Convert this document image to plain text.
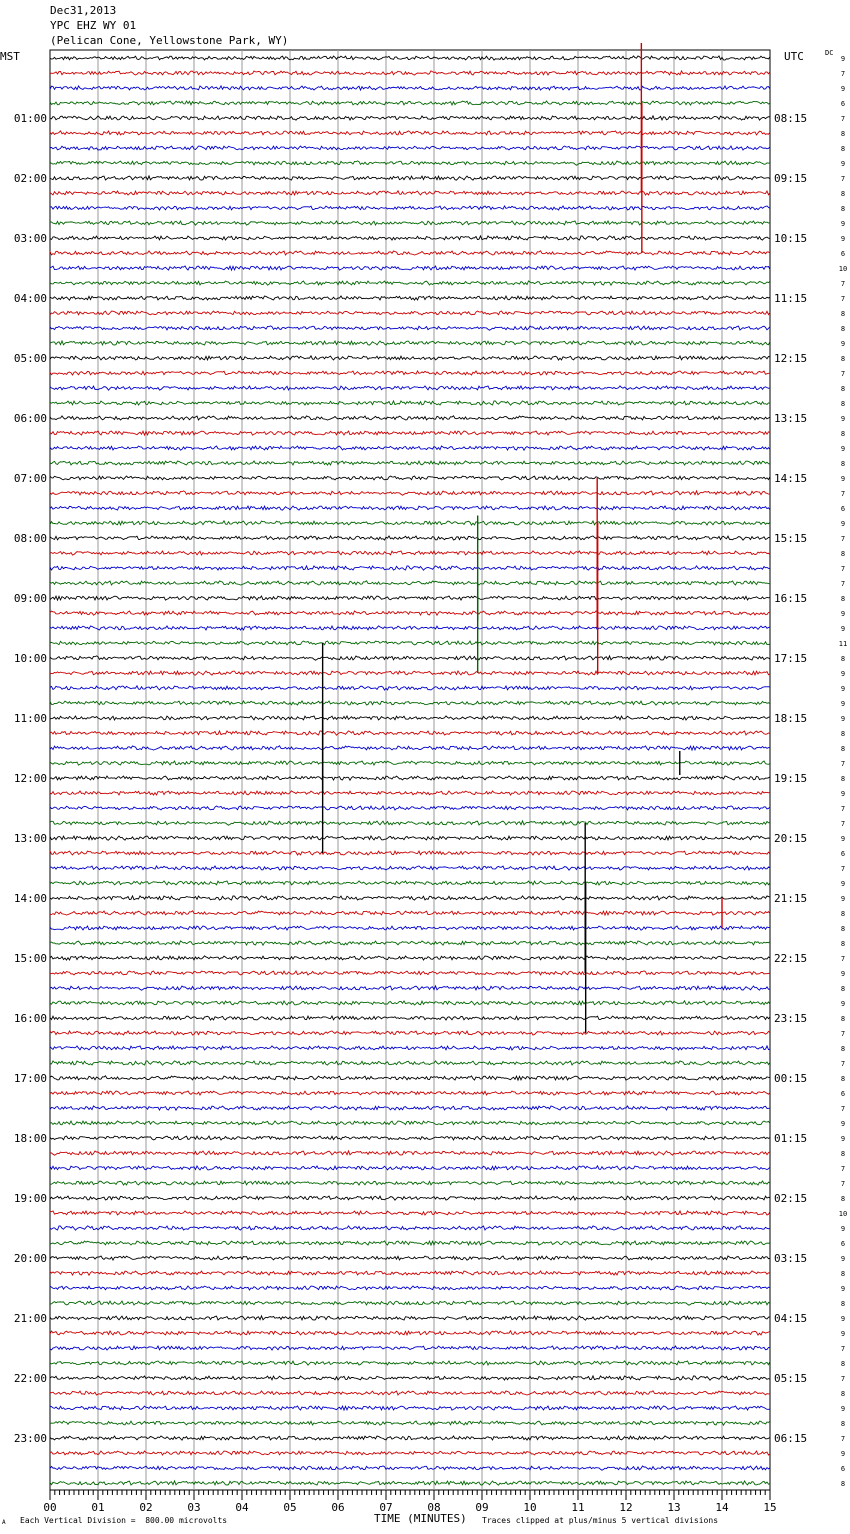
Dec31,2013
YPC EHZ WY 01
(Pelican Cone, Yellowstone Park, WY)
MST	UTC	DC
01:00
02:00
03:00
04:00
05:00
06:00
07:00
08:00
09:00
10:00
11:00
12:00
13:00
14:00
15:00
16:00
17:00
18:00
19:00
20:00
21:00
22:00
23:00
08:15
09:15
10:15
11:15
12:15
13:15
14:15
15:15
16:15
17:15
18:15
19:15
20:15
21:15
22:15
23:15
00:15
01:15
02:15
03:15
04:15
05:15
06:15
9
7
9
6
7
8
8
9
7
8
8
9
9
6
10
7
7
8
8
9
8
7
8
8
9
8
9
8
9
7
6
9
7
8
7
7
8
9
9
11
8
9
9
9
9
8
8
7
8
9
7
7
9
6
7
9
9
8
8
8
7
9
8
9
8
7
8
7
8
6
7
9
9
8
7
7
8
10
9
6
9
8
9
8
9
9
7
8
7
8
9
8
7
9
6
8
00	01	02	03	04	05	06	07	08	09	10	11	12	13	14	15
TIME (MINUTES)
A Each Vertical Division =  800.00 microvolts	Traces clipped at plus/minus 5 vertical divisions
